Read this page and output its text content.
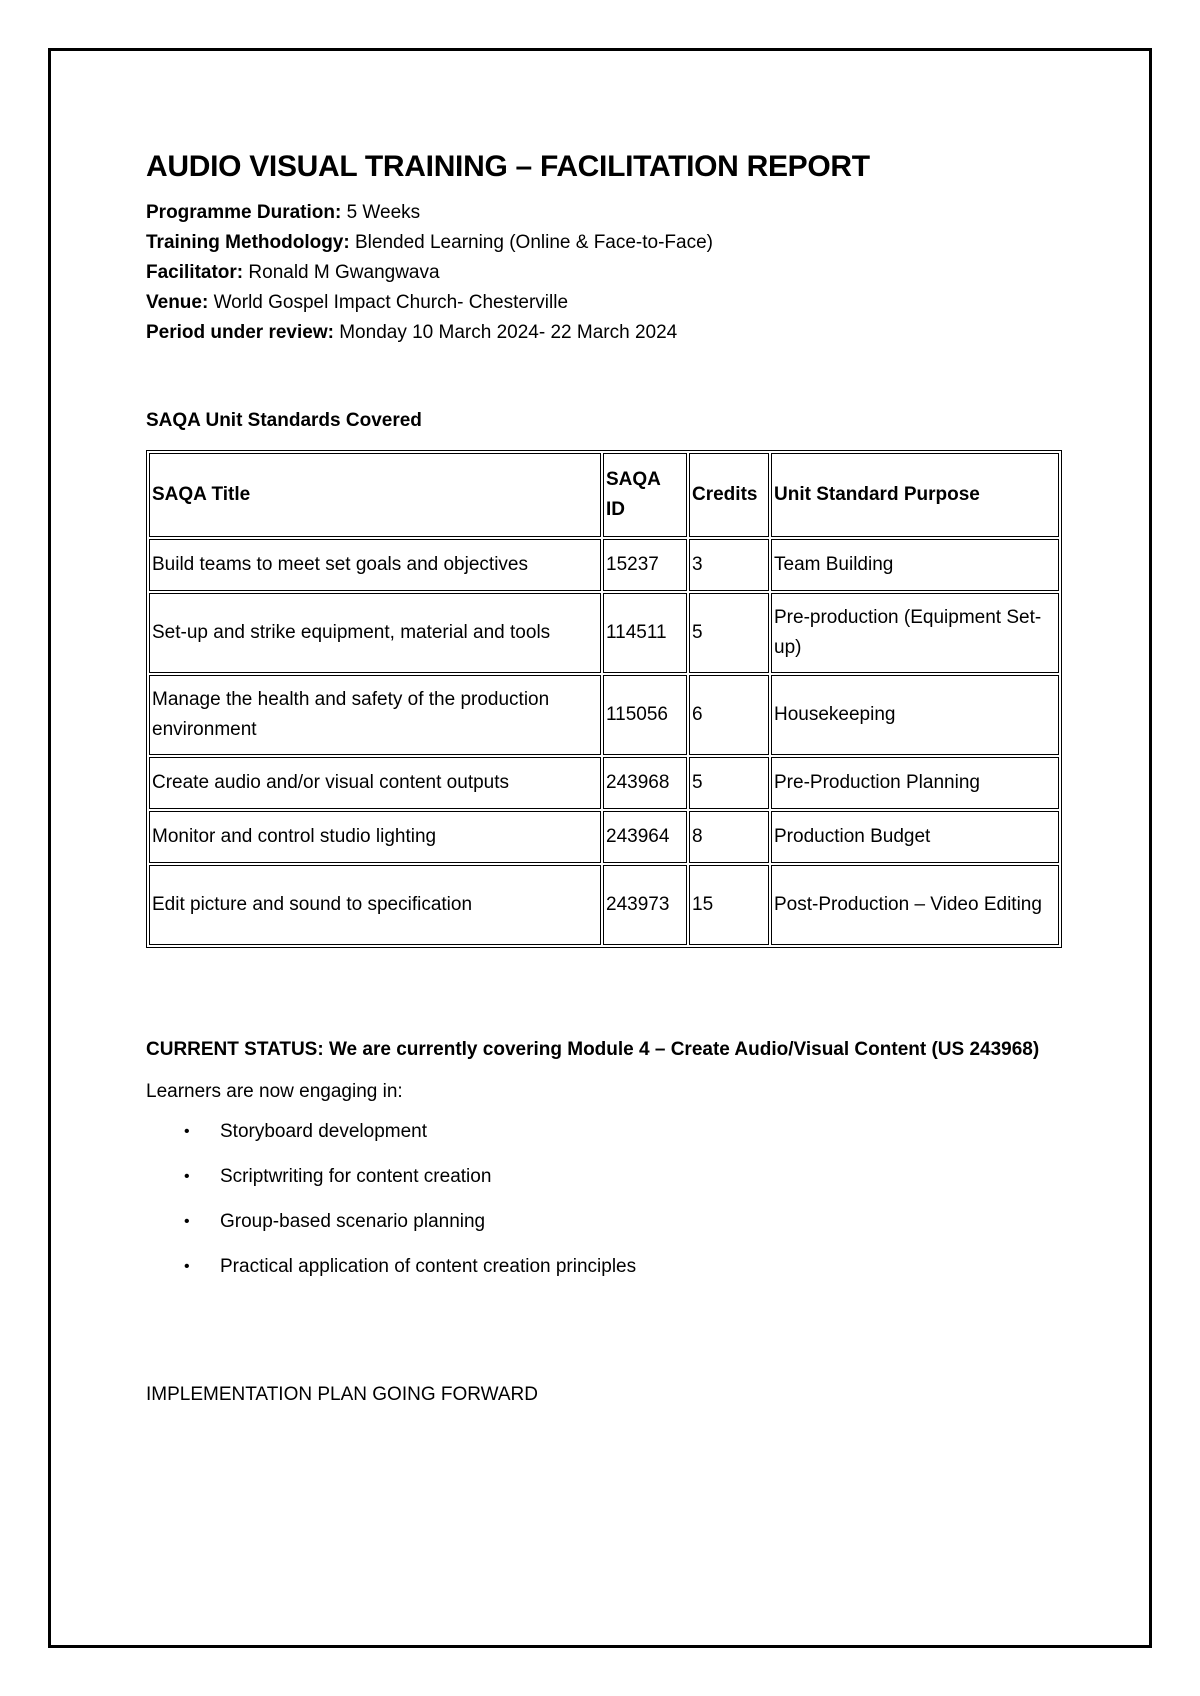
AUDIO VISUAL TRAINING – FACILITATION REPORT

Programme Duration: 5 Weeks

Training Methodology: Blended Learning (Online & Face-to-Face)

Facilitator: Ronald M Gwangwava

Venue: World Gospel Impact Church- Chesterville

Period under review: Monday 10 March 2024- 22 March 2024

SAQA Unit Standards Covered

SAQA Title	SAQA ID	Credits	Unit Standard Purpose
Build teams to meet set goals and objectives	15237	3	Team Building
Set-up and strike equipment, material and tools	114511	5	Pre-production (Equipment Set-up)
Manage the health and safety of the production environment	115056	6	Housekeeping
Create audio and/or visual content outputs	243968	5	Pre-Production Planning
Monitor and control studio lighting	243964	8	Production Budget
Edit picture and sound to specification	243973	15	Post-Production – Video Editing

CURRENT STATUS: We are currently covering Module 4 – Create Audio/Visual Content (US 243968)

Learners are now engaging in:

• Storyboard development
• Scriptwriting for content creation
• Group-based scenario planning
• Practical application of content creation principles

IMPLEMENTATION PLAN GOING FORWARD
